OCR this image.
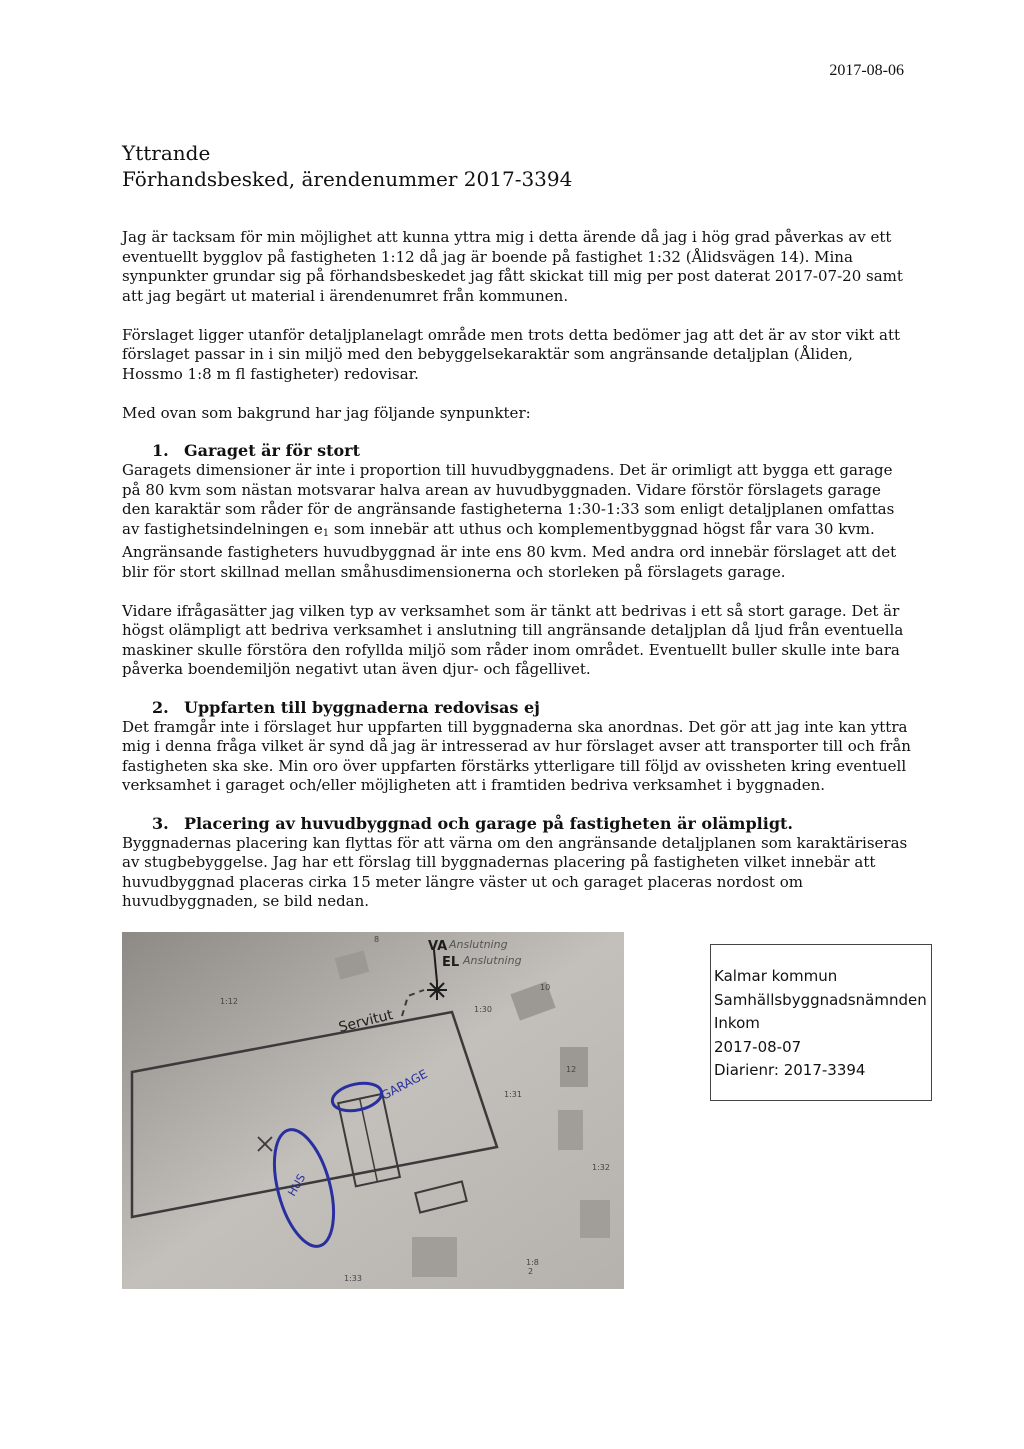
2017-08-06
Yttrande
Förhandsbesked, ärendenummer 2017-3394

Jag är tacksam för min möjlighet att kunna yttra mig i detta ärende då jag i hög grad påverkas av ett eventuellt bygglov på fastigheten 1:12 då jag är boende på fastighet 1:32 (Ålidsvägen 14). Mina synpunkter grundar sig på förhandsbeskedet jag fått skickat till mig per post daterat 2017-07-20 samt att jag begärt ut material i ärendenumret från kommunen.

Förslaget ligger utanför detaljplanelagt område men trots detta bedömer jag att det är av stor vikt att förslaget passar in i sin miljö med den bebyggelsekaraktär som angränsande detaljplan (Åliden, Hossmo 1:8 m fl fastigheter) redovisar.

Med ovan som bakgrund har jag följande synpunkter:

1. Garaget är för stort

Garagets dimensioner är inte i proportion till huvudbyggnadens. Det är orimligt att bygga ett garage på 80 kvm som nästan motsvarar halva arean av huvudbyggnaden. Vidare förstör förslagets garage den karaktär som råder för de angränsande fastigheterna 1:30-1:33 som enligt detaljplanen omfattas av fastighetsindelningen $e_1$ som innebär att uthus och komplementbyggnad högst får vara 30 kvm. Angränsande fastigheters huvudbyggnad är inte ens 80 kvm. Med andra ord innebär förslaget att det blir för stort skillnad mellan småhusdimensionerna och storleken på förslagets garage.

Vidare ifrågasätter jag vilken typ av verksamhet som är tänkt att bedrivas i ett så stort garage. Det är högst olämpligt att bedriva verksamhet i anslutning till angränsande detaljplan då ljud från eventuella maskiner skulle förstöra den rofyllda miljö som råder inom området. Eventuellt buller skulle inte bara påverka boendemiljön negativt utan även djur- och fågellivet.

2. Uppfarten till byggnaderna redovisas ej

Det framgår inte i förslaget hur uppfarten till byggnaderna ska anordnas. Det gör att jag inte kan yttra mig i denna fråga vilket är synd då jag är intresserad av hur förslaget avser att transporter till och från fastigheten ska ske. Min oro över uppfarten förstärks ytterligare till följd av ovissheten kring eventuell verksamhet i garaget och/eller möjligheten att i framtiden bedriva verksamhet i byggnaden.

3. Placering av huvudbyggnad och garage på fastigheten är olämpligt.

Byggnadernas placering kan flyttas för att värna om den angränsande detaljplanen som karaktäriseras av stugbebyggelse. Jag har ett förslag till byggnadernas placering på fastigheten vilket innebär att huvudbyggnad placeras cirka 15 meter längre väster ut och garaget placeras nordost om huvudbyggnaden, se bild nedan.

VA Anslutning
EL Anslutning
Servitut
GARAGE
HUS
8
1:12
1:30
10
1:31
12
1:32
1:8
2
1:33
Kalmar kommun
Samhällsbyggnadsnämnden
Inkom
2017-08-07
Diarienr: 2017-3394
